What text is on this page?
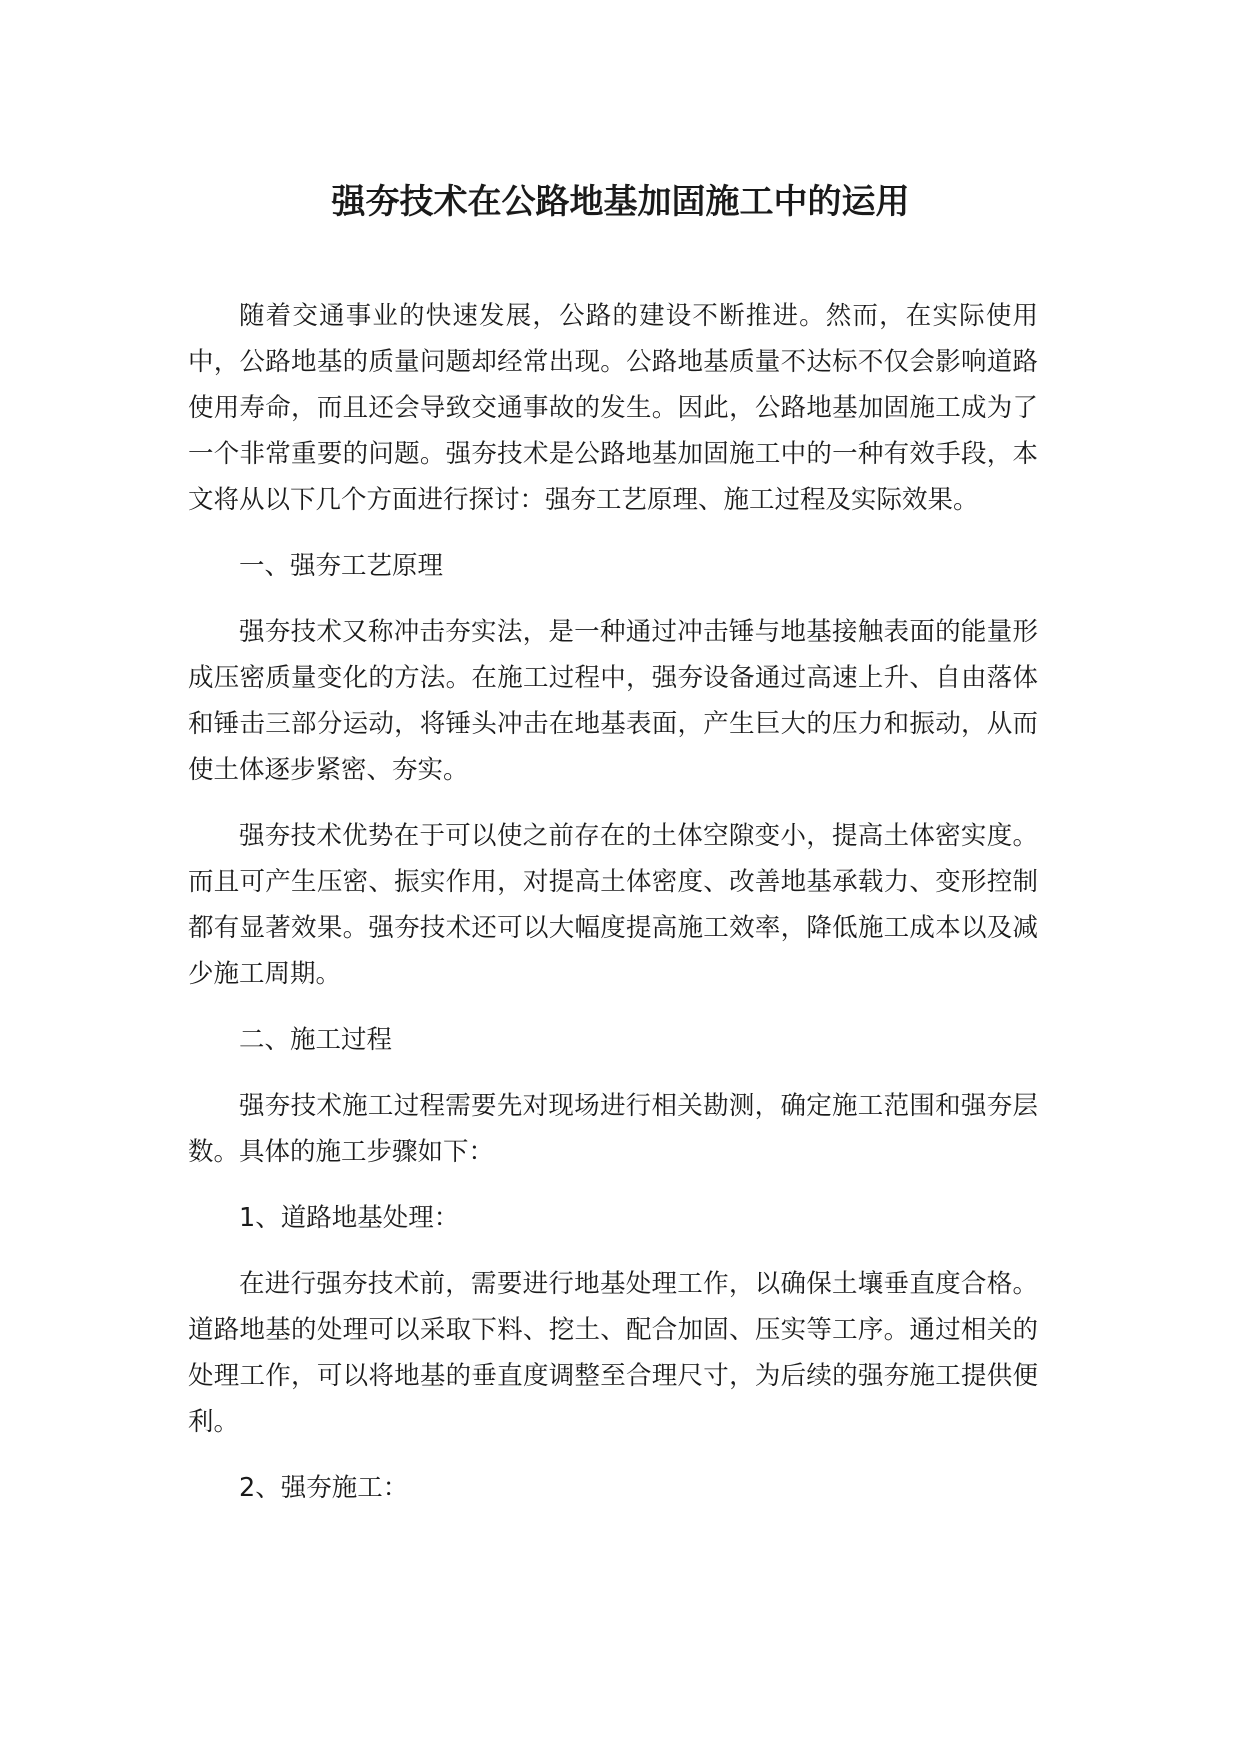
强夯技术在公路地基加固施工中的运用

随着交通事业的快速发展，公路的建设不断推进。然而，在实际使用中，公路地基的质量问题却经常出现。公路地基质量不达标不仅会影响道路使用寿命，而且还会导致交通事故的发生。因此，公路地基加固施工成为了一个非常重要的问题。强夯技术是公路地基加固施工中的一种有效手段，本文将从以下几个方面进行探讨：强夯工艺原理、施工过程及实际效果。

一、强夯工艺原理

强夯技术又称冲击夯实法，是一种通过冲击锤与地基接触表面的能量形成压密质量变化的方法。在施工过程中，强夯设备通过高速上升、自由落体和锤击三部分运动，将锤头冲击在地基表面，产生巨大的压力和振动，从而使土体逐步紧密、夯实。

强夯技术优势在于可以使之前存在的土体空隙变小，提高土体密实度。而且可产生压密、振实作用，对提高土体密度、改善地基承载力、变形控制都有显著效果。强夯技术还可以大幅度提高施工效率，降低施工成本以及减少施工周期。

二、施工过程

强夯技术施工过程需要先对现场进行相关勘测，确定施工范围和强夯层数。具体的施工步骤如下：

1、道路地基处理：

在进行强夯技术前，需要进行地基处理工作，以确保土壤垂直度合格。道路地基的处理可以采取下料、挖土、配合加固、压实等工序。通过相关的处理工作，可以将地基的垂直度调整至合理尺寸，为后续的强夯施工提供便利。

2、强夯施工：
